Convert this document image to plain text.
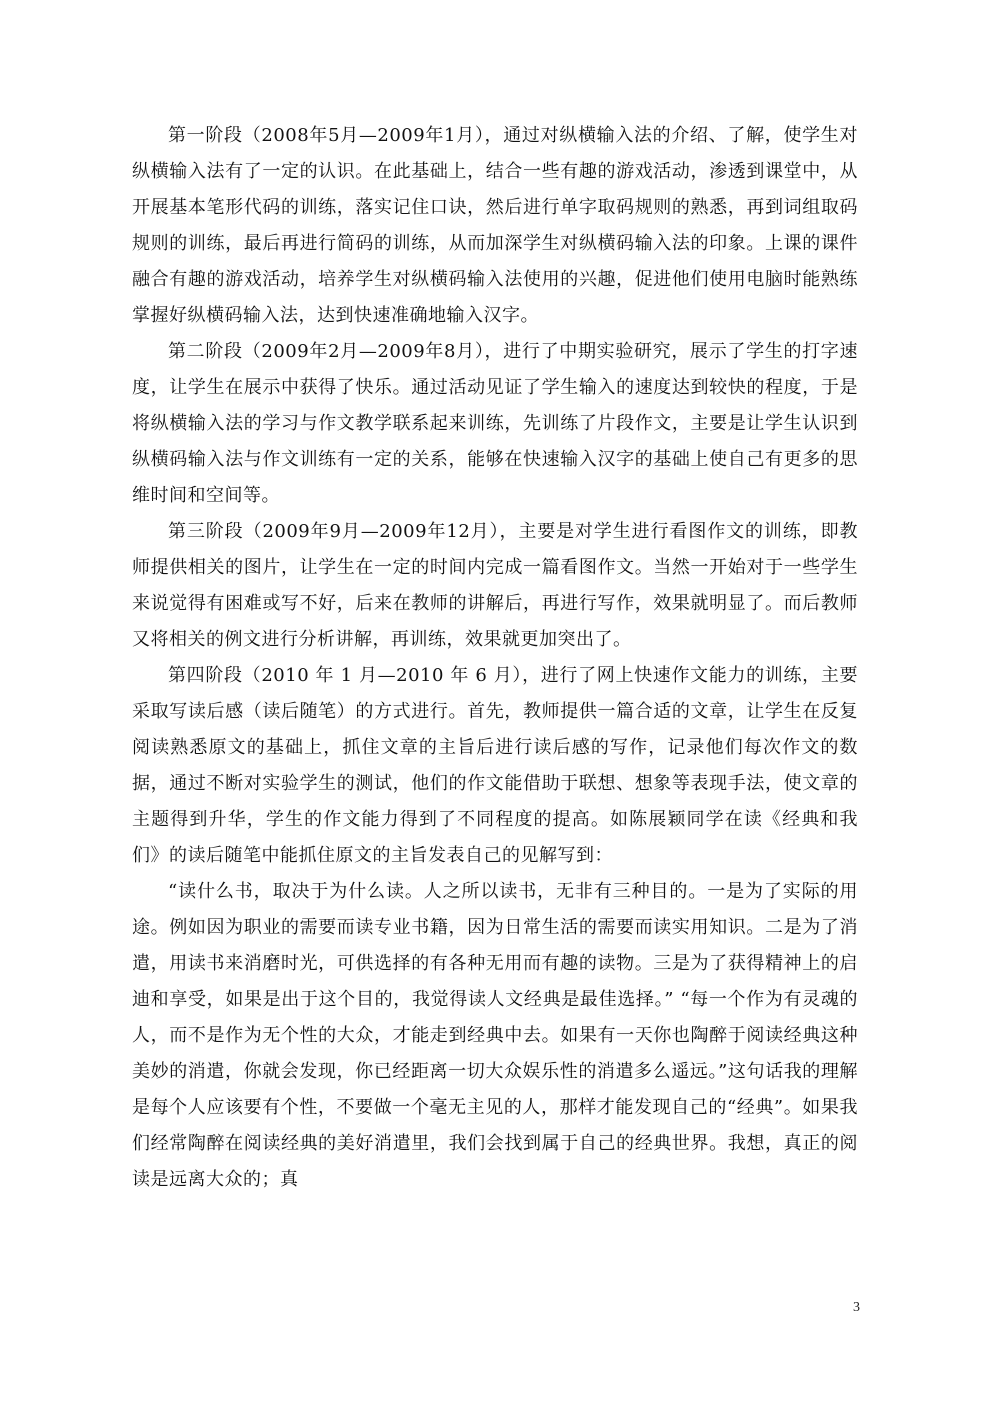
第一阶段（2008年5月—2009年1月），通过对纵横输入法的介绍、了解，使学生对纵横输入法有了一定的认识。在此基础上，结合一些有趣的游戏活动，渗透到课堂中，从开展基本笔形代码的训练，落实记住口诀，然后进行单字取码规则的熟悉，再到词组取码规则的训练，最后再进行简码的训练，从而加深学生对纵横码输入法的印象。上课的课件融合有趣的游戏活动，培养学生对纵横码输入法使用的兴趣，促进他们使用电脑时能熟练掌握好纵横码输入法，达到快速准确地输入汉字。

第二阶段（2009年2月—2009年8月），进行了中期实验研究，展示了学生的打字速度，让学生在展示中获得了快乐。通过活动见证了学生输入的速度达到较快的程度，于是将纵横输入法的学习与作文教学联系起来训练，先训练了片段作文，主要是让学生认识到纵横码输入法与作文训练有一定的关系，能够在快速输入汉字的基础上使自己有更多的思维时间和空间等。

第三阶段（2009年9月—2009年12月），主要是对学生进行看图作文的训练，即教师提供相关的图片，让学生在一定的时间内完成一篇看图作文。当然一开始对于一些学生来说觉得有困难或写不好，后来在教师的讲解后，再进行写作，效果就明显了。而后教师又将相关的例文进行分析讲解，再训练，效果就更加突出了。

第四阶段（2010 年 1 月—2010 年 6 月），进行了网上快速作文能力的训练，主要采取写读后感（读后随笔）的方式进行。首先，教师提供一篇合适的文章，让学生在反复阅读熟悉原文的基础上，抓住文章的主旨后进行读后感的写作，记录他们每次作文的数据，通过不断对实验学生的测试，他们的作文能借助于联想、想象等表现手法，使文章的主题得到升华，学生的作文能力得到了不同程度的提高。如陈展颖同学在读《经典和我们》的读后随笔中能抓住原文的主旨发表自己的见解写到：

“读什么书，取决于为什么读。人之所以读书，无非有三种目的。一是为了实际的用途。例如因为职业的需要而读专业书籍，因为日常生活的需要而读实用知识。二是为了消遣，用读书来消磨时光，可供选择的有各种无用而有趣的读物。三是为了获得精神上的启迪和享受，如果是出于这个目的，我觉得读人文经典是最佳选择。” “每一个作为有灵魂的人，而不是作为无个性的大众，才能走到经典中去。如果有一天你也陶醉于阅读经典这种美妙的消遣，你就会发现，你已经距离一切大众娱乐性的消遣多么遥远。”这句话我的理解是每个人应该要有个性，不要做一个毫无主见的人，那样才能发现自己的“经典”。如果我们经常陶醉在阅读经典的美好消遣里，我们会找到属于自己的经典世界。我想，真正的阅读是远离大众的；真

3
